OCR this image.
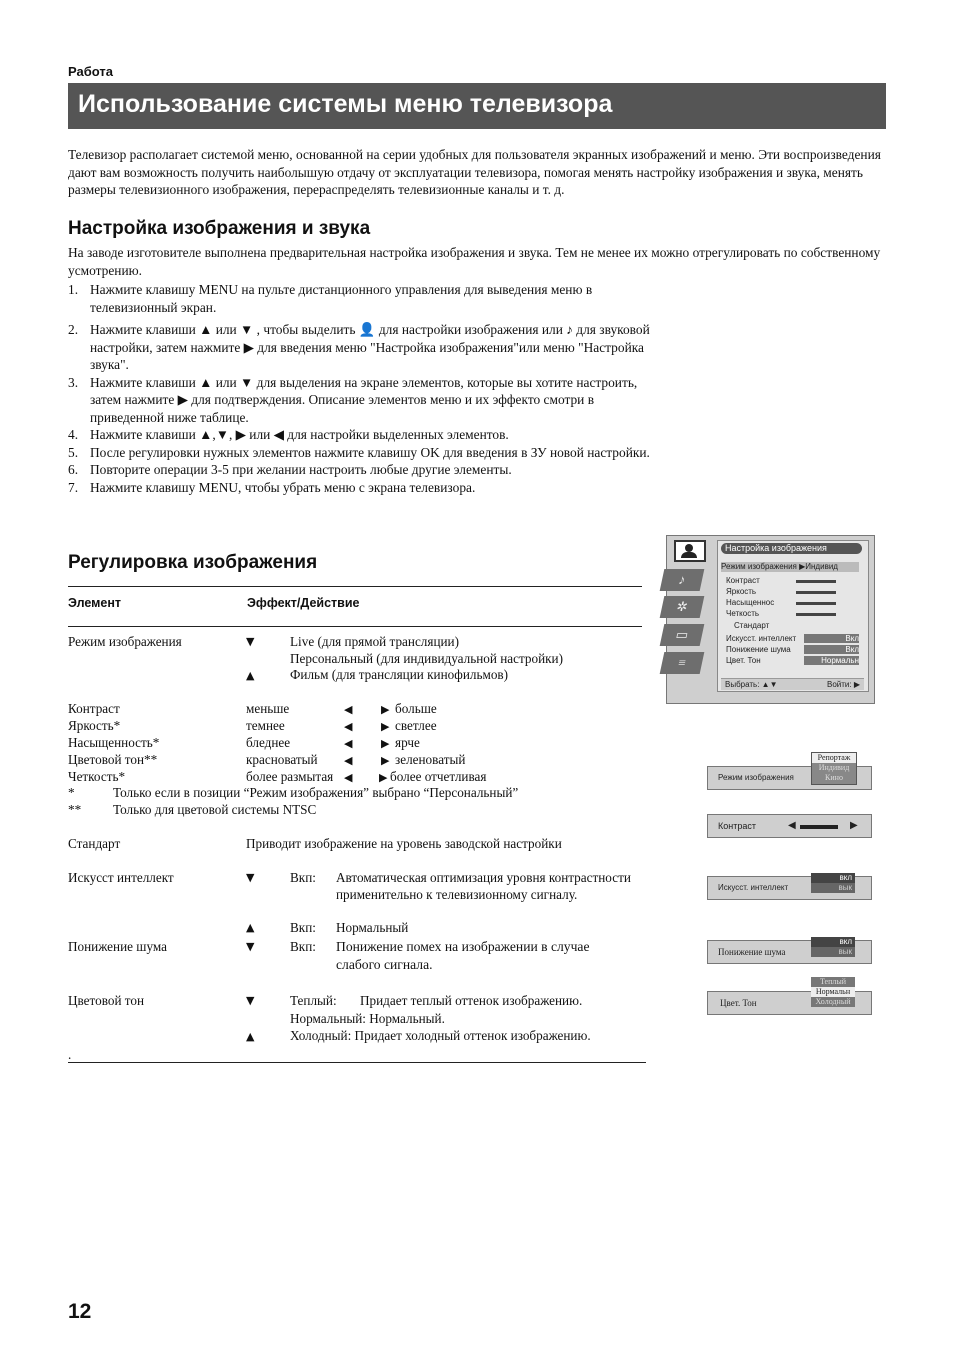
Работа
Использование системы меню телевизора
Телевизор располагает системой меню, основанной на серии удобных для пользователя экранных изображений и меню. Эти воспроизведения дают вам возможность получить наиболышую отдачу от эксплуатации телевизора, помогая менять настройку изображения и звука, менять размеры телевизионного изображения, перераспределять телевизионные каналы и т. д.
Настройка изображения и звука
На заводе изготовителе выполнена предварительная настройка изображения и звука. Тем не менее их можно отрегулировать по собственному усмотрению.
1. Нажмите клавишу MENU на пульте дистанционного управления для выведения меню в телевизионный экран.
2. Нажмите клавиши ▲ или ▼ , чтобы выделить 👤 для настройки изображения или ♪ для звуковой настройки, затем нажмите ▶ для введения меню "Настройка изображения"или меню "Настройка звука".
3. Нажмите клавиши ▲ или ▼ для выделения на экране элементов, которые вы хотите настроить, затем нажмите ▶ для подтверждения. Описание элементов меню и их эффекто смотри в приведенной ниже таблице.
4. Нажмите клавиши ▲,▼, ▶ или ◀ для настройки выделенных элементов.
5. После регулировки нужных элементов нажмите клавишу OK для введения в ЗУ новой настройки.
6. Повторите операции 3-5 при желании настроить любые другие элементы.
7. Нажмите клавишу MENU, чтобы убрать меню с экрана телевизора.
Регулировка изображения
Элемент	Эффект/Действие
Режим изображения	▼	Live (для прямой трансляции)
Персональный (для индивидуальной настройки)
▲	Фильм (для трансляции кинофильмов)
Контраст	меньше	◀	▶ больше
Яркость*	темнее	◀	▶ светлее
Насыщенность*	бледнее	◀	▶ ярче
Цветовой тон**	красноватый ◀	▶ зеленоватый
Четкость*	более размытая ◀ ▶ более отчетливая
*	Только если в позиции “Режим изображения” выбрано “Персональный”
** Только для цветовой системы NTSC
Стандарт	Приводит изображение на уровень заводской настройки
Искусст интеллект	▼	Вкп: Автоматическая оптимизация уровня контрастности применительно к телевизионному сигналу.
▲	Вкп: Нормальный
Понижение шума	▼	Вкп: Понижение помех на изображении в случае слабого сигнала.
Цветовой тон	▼	Теплый: Придает теплый оттенок изображению.
Нормальный: Нормальный.
▲	Холодный: Придает холодный оттенок изображению.
.
Настройка изображения
Режим изображения ▶Индивид
Контраст
Яркость
Насыщеннос
Четкость
Стандарт
Искусст. интеллект	Вкл
Понижение шума	Вкл
Цвет. Тон	Нормальн
Выбрать: ▲▼	Войти: ▶
♪
✲
▭
≡
Режим изображения
Репортаж
Индивид
Кино
Контраст	◀	▶
Искусст. интеллект
вкл
вык
Понижение шума
вкл
вык
Цвет. Тон
Теплый
Нормальн
Холодный
12
